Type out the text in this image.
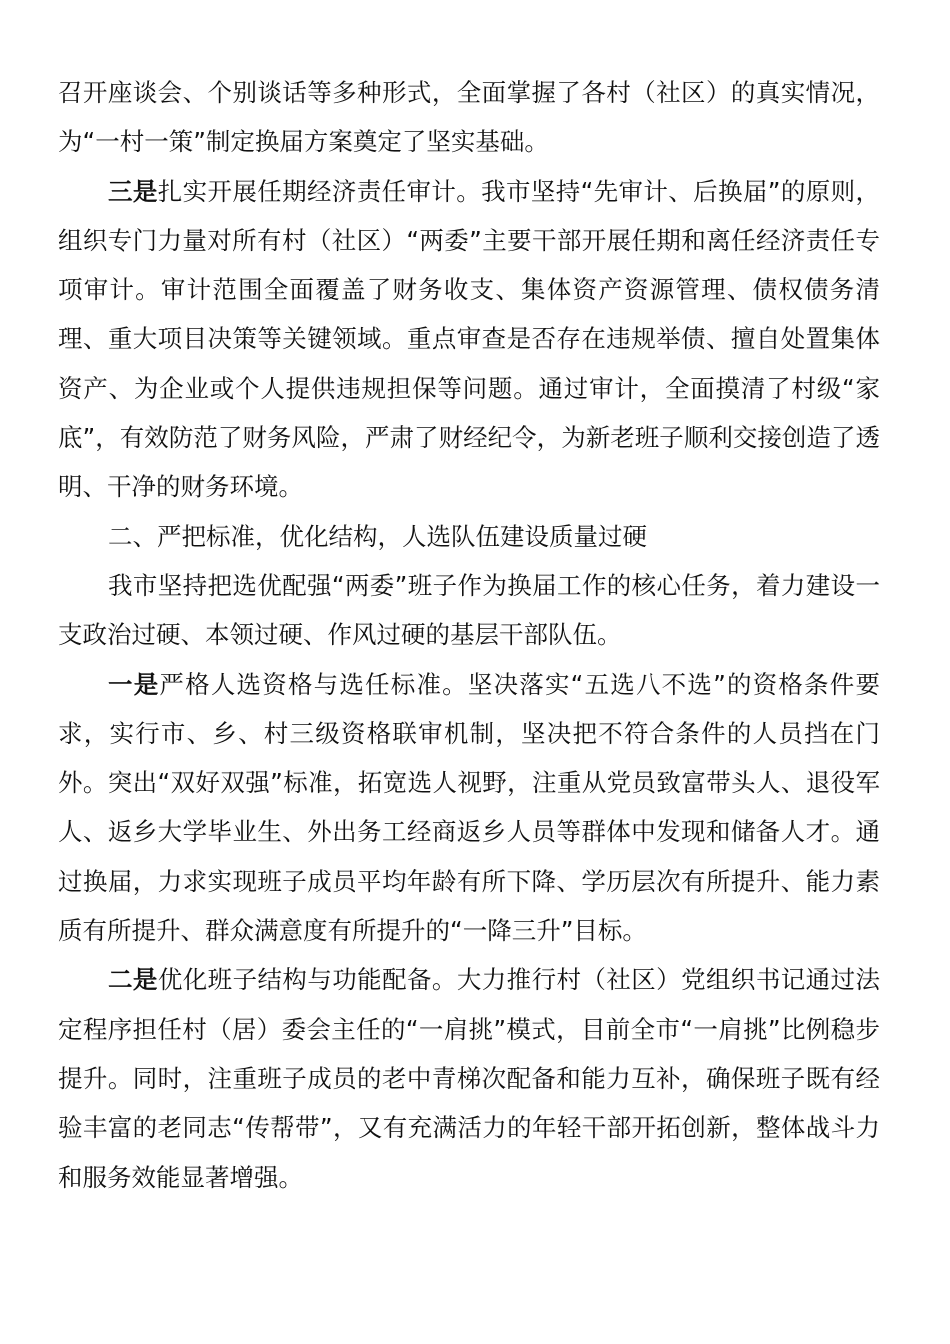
召开座谈会、个别谈话等多种形式，全面掌握了各村（社区）的真实情况，为“一村一策”制定换届方案奠定了坚实基础。

三是扎实开展任期经济责任审计。我市坚持“先审计、后换届”的原则，组织专门力量对所有村（社区）“两委”主要干部开展任期和离任经济责任专项审计。审计范围全面覆盖了财务收支、集体资产资源管理、债权债务清理、重大项目决策等关键领域。重点审查是否存在违规举债、擅自处置集体资产、为企业或个人提供违规担保等问题。通过审计，全面摸清了村级“家底”，有效防范了财务风险，严肃了财经纪令，为新老班子顺利交接创造了透明、干净的财务环境。

二、严把标准，优化结构，人选队伍建设质量过硬

我市坚持把选优配强“两委”班子作为换届工作的核心任务，着力建设一支政治过硬、本领过硬、作风过硬的基层干部队伍。

一是严格人选资格与选任标准。坚决落实“五选八不选”的资格条件要求，实行市、乡、村三级资格联审机制，坚决把不符合条件的人员挡在门外。突出“双好双强”标准，拓宽选人视野，注重从党员致富带头人、退役军人、返乡大学毕业生、外出务工经商返乡人员等群体中发现和储备人才。通过换届，力求实现班子成员平均年龄有所下降、学历层次有所提升、能力素质有所提升、群众满意度有所提升的“一降三升”目标。

二是优化班子结构与功能配备。大力推行村（社区）党组织书记通过法定程序担任村（居）委会主任的“一肩挑”模式，目前全市“一肩挑”比例稳步提升。同时，注重班子成员的老中青梯次配备和能力互补，确保班子既有经验丰富的老同志“传帮带”，又有充满活力的年轻干部开拓创新，整体战斗力和服务效能显著增强。
